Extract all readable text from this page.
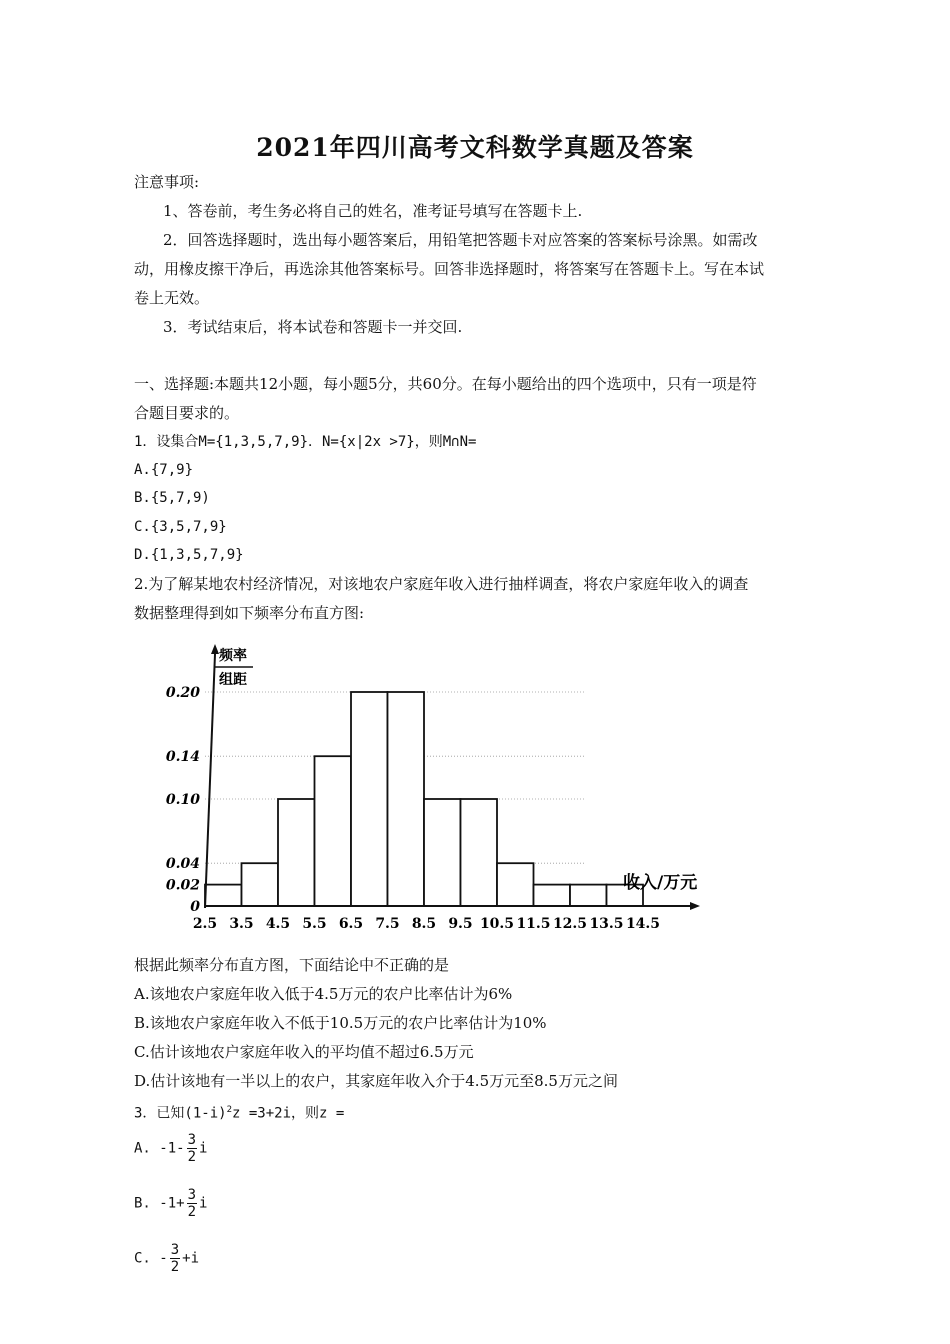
2021年四川高考文科数学真题及答案
注意事项:
1、答卷前，考生务必将自己的姓名，准考证号填写在答题卡上.
2．回答选择题时，选出每小题答案后，用铅笔把答题卡对应答案的答案标号涂黑。如需改
动，用橡皮擦干净后，再选涂其他答案标号。回答非选择题时，将答案写在答题卡上。写在本试
卷上无效。
3．考试结束后，将本试卷和答题卡一并交回.
一、选择题:本题共12小题，每小题5分，共60分。在每小题给出的四个选项中，只有一项是符
合题目要求的。
1．设集合M={1,3,5,7,9}．N={x|2x >7}，则M∩N=
A.{7,9}
B.{5,7,9)
C.{3,5,7,9}
D.{1,3,5,7,9}
2.为了解某地农村经济情况，对该地农户家庭年收入进行抽样调查，将农户家庭年收入的调查
数据整理得到如下频率分布直方图:
0
0.02
0.04
0.10
0.14
0.20
2.5 3.5 4.5 5.5 6.5 7.5 8.5 9.5 10.5 11.5 12.5 13.5 14.5
频率
组距
收入/万元
根据此频率分布直方图，下面结论中不正确的是
A.该地农户家庭年收入低于4.5万元的农户比率估计为6%
B.该地农户家庭年收入不低于10.5万元的农户比率估计为10%
C.估计该地农户家庭年收入的平均值不超过6.5万元
D.估计该地有一半以上的农户，其家庭年收入介于4.5万元至8.5万元之间
3．已知$(1-i)^2z =3+2i$，则z =
A. $-1- \frac{3}{2}$ i
B. $-1+ \frac{3}{2}$ i
C. - $\frac{3}{2} +i$
